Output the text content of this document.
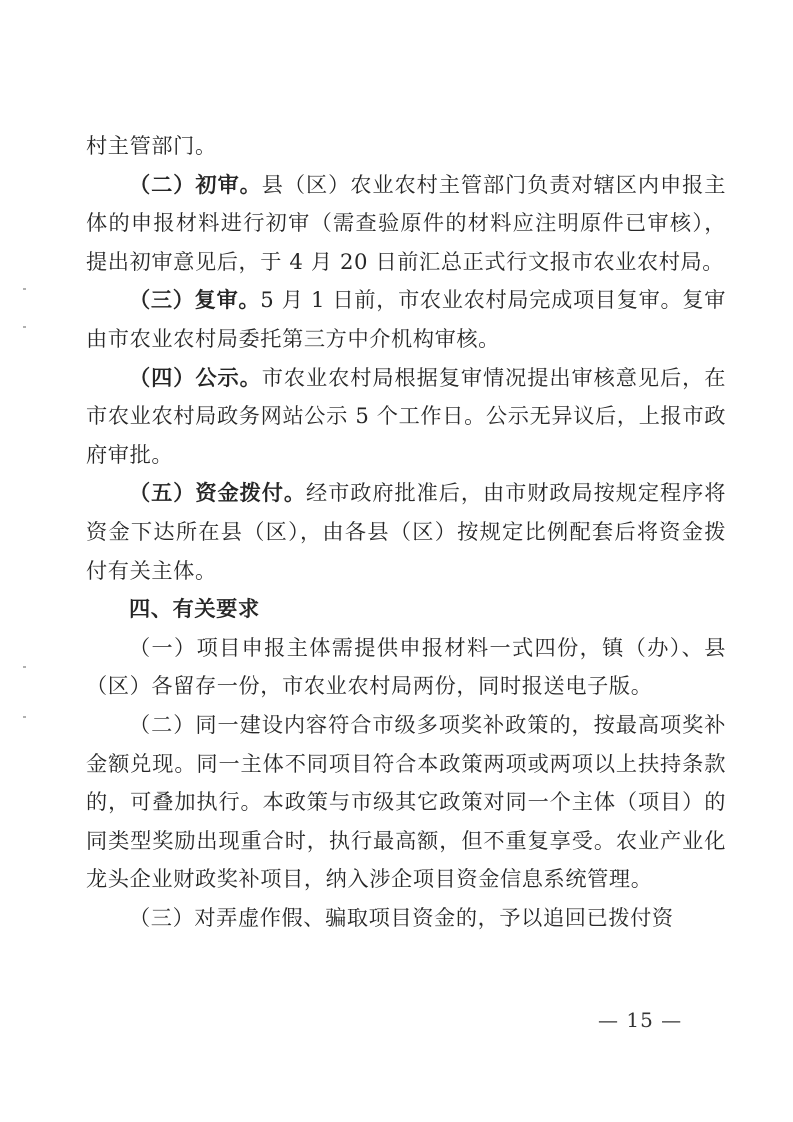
村主管部门。

（二）初审。县（区）农业农村主管部门负责对辖区内申报主体的申报材料进行初审（需查验原件的材料应注明原件已审核），提出初审意见后，于 4 月 20 日前汇总正式行文报市农业农村局。

（三）复审。5 月 1 日前，市农业农村局完成项目复审。复审由市农业农村局委托第三方中介机构审核。

（四）公示。市农业农村局根据复审情况提出审核意见后，在市农业农村局政务网站公示 5 个工作日。公示无异议后，上报市政府审批。

（五）资金拨付。经市政府批准后，由市财政局按规定程序将资金下达所在县（区），由各县（区）按规定比例配套后将资金拨付有关主体。

四、有关要求

（一）项目申报主体需提供申报材料一式四份，镇（办）、县（区）各留存一份，市农业农村局两份，同时报送电子版。

（二）同一建设内容符合市级多项奖补政策的，按最高项奖补金额兑现。同一主体不同项目符合本政策两项或两项以上扶持条款的，可叠加执行。本政策与市级其它政策对同一个主体（项目）的同类型奖励出现重合时，执行最高额，但不重复享受。农业产业化龙头企业财政奖补项目，纳入涉企项目资金信息系统管理。

（三）对弄虚作假、骗取项目资金的，予以追回已拨付资

— 15 —
